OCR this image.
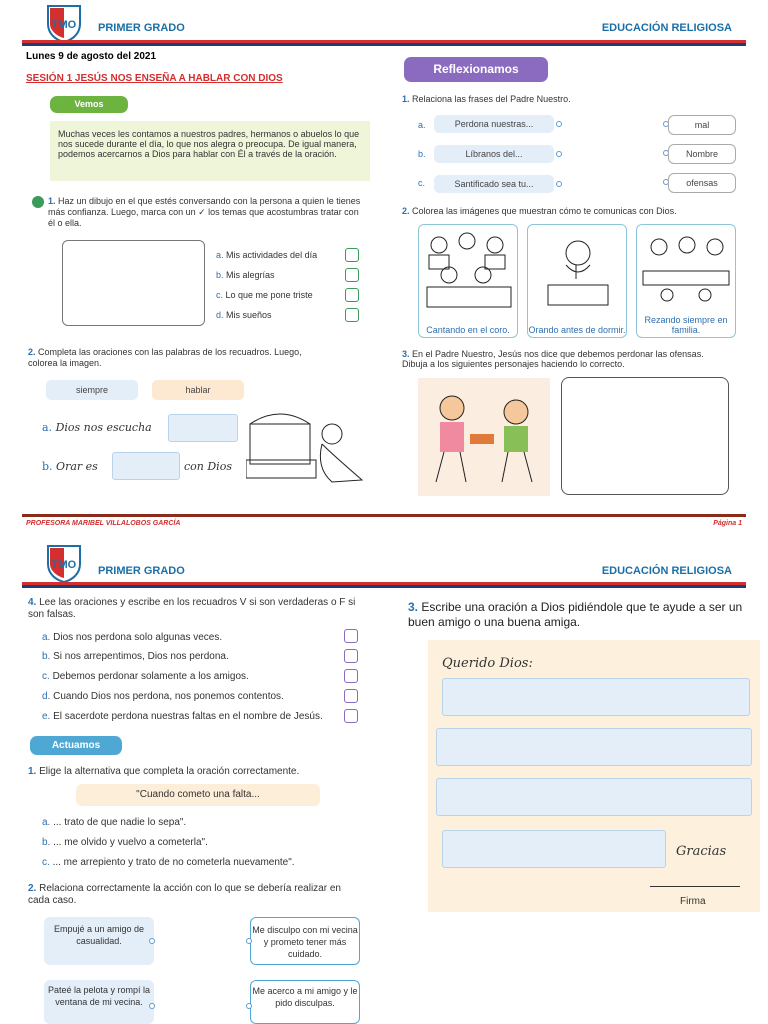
TMO PRIMER GRADO	EDUCACIÓN RELIGIOSA
Lunes 9 de agosto del 2021
SESIÓN 1 JESÚS NOS ENSEÑA A HABLAR CON DIOS
Vemos
Muchas veces les contamos a nuestros padres, hermanos o abuelos lo que nos sucede durante el día, lo que nos alegra o preocupa. De igual manera, podemos acercarnos a Dios para hablar con Él a través de la oración.
1. Haz un dibujo en el que estés conversando con la persona a quien le tienes más confianza. Luego, marca con un ✓ los temas que acostumbras tratar con él o ella.
a. Mis actividades del día
b. Mis alegrías
c. Lo que me pone triste
d. Mis sueños
2. Completa las oraciones con las palabras de los recuadros. Luego, colorea la imagen.
siempre	hablar
a. Dios nos escucha
b. Orar es	con Dios
Reflexionamos
1. Relaciona las frases del Padre Nuestro.
a.	Perdona nuestras...
b.	Líbranos del...
c.	Santificado sea tu...
mal
Nombre
ofensas
2. Colorea las imágenes que muestran cómo te comunicas con Dios.
Cantando en el coro.	Orando antes de dormir.
Rezando siempre en familia.
3. En el Padre Nuestro, Jesús nos dice que debemos perdonar las ofensas. Dibuja a los siguientes personajes haciendo lo correcto.
PROFESORA MARIBEL VILLALOBOS GARCÍA	Página 1
TMO PRIMER GRADO	EDUCACIÓN RELIGIOSA
4. Lee las oraciones y escribe en los recuadros V si son verdaderas o F si son falsas.
a. Dios nos perdona solo algunas veces.
b. Si nos arrepentimos, Dios nos perdona.
c. Debemos perdonar solamente a los amigos.
d. Cuando Dios nos perdona, nos ponemos contentos.
e. El sacerdote perdona nuestras faltas en el nombre de Jesús.
Actuamos
1. Elige la alternativa que completa la oración correctamente.
"Cuando cometo una falta...
a. ... trato de que nadie lo sepa".
b. ... me olvido y vuelvo a cometerla".
c. ... me arrepiento y trato de no cometerla nuevamente".
2. Relaciona correctamente la acción con lo que se debería realizar en cada caso.
Empujé a un amigo de casualidad.
Pateé la pelota y rompí la ventana de mi vecina.
Me disculpo con mi vecina y prometo tener más cuidado.
Me acerco a mi amigo y le pido disculpas.
3. Escribe una oración a Dios pidiéndole que te ayude a ser un buen amigo o una buena amiga.
Querido Dios:
Gracias
Firma
